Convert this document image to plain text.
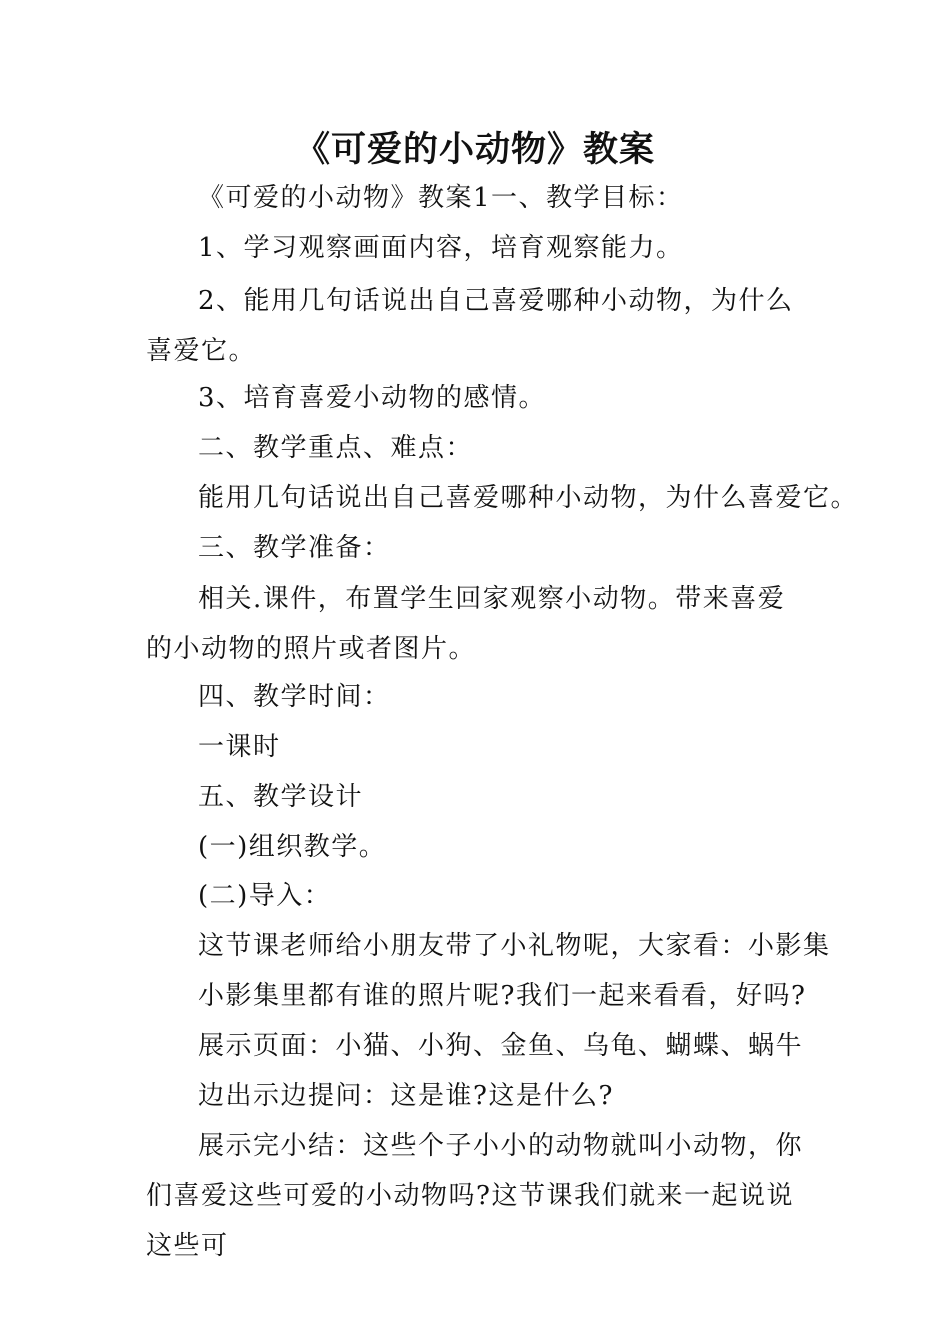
《可爱的小动物》教案

《可爱的小动物》教案1一、教学目标：

1、学习观察画面内容，培育观察能力。

2、能用几句话说出自己喜爱哪种小动物，为什么喜爱它。

3、培育喜爱小动物的感情。

二、教学重点、难点：

能用几句话说出自己喜爱哪种小动物，为什么喜爱它。

三、教学准备：

相关.课件，布置学生回家观察小动物。带来喜爱的小动物的照片或者图片。

四、教学时间：

一课时

五、教学设计

(一)组织教学。

(二)导入：

这节课老师给小朋友带了小礼物呢，大家看：小影集

小影集里都有谁的照片呢?我们一起来看看，好吗?

展示页面：小猫、小狗、金鱼、乌龟、蝴蝶、蜗牛

边出示边提问：这是谁?这是什么?

展示完小结：这些个子小小的动物就叫小动物，你们喜爱这些可爱的小动物吗?这节课我们就来一起说说这些可
